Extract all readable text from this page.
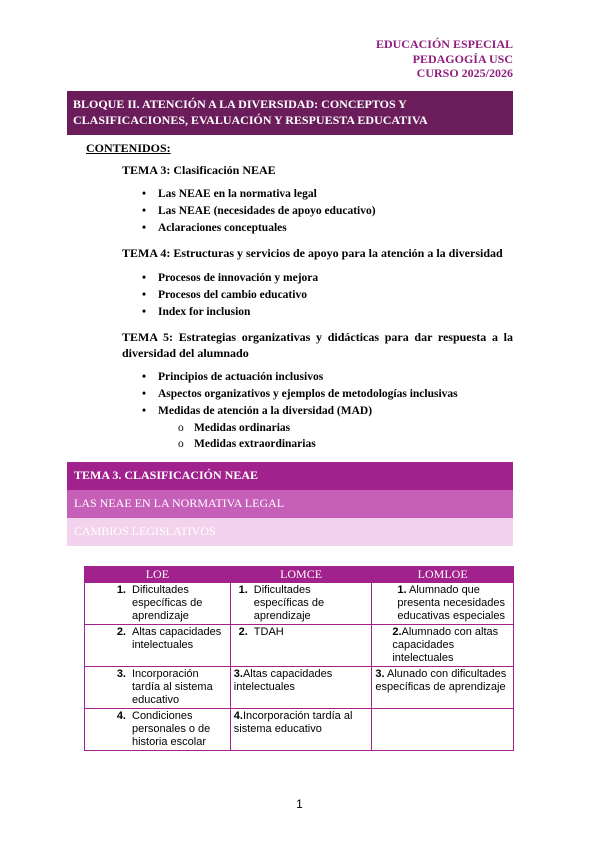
EDUCACIÓN ESPECIAL
PEDAGOGÍA USC
CURSO 2025/2026
BLOQUE II. ATENCIÓN A LA DIVERSIDAD: CONCEPTOS Y CLASIFICACIONES, EVALUACIÓN Y RESPUESTA EDUCATIVA
CONTENIDOS:
TEMA 3: Clasificación NEAE
• Las NEAE en la normativa legal
• Las NEAE (necesidades de apoyo educativo)
• Aclaraciones conceptuales
TEMA 4: Estructuras y servicios de apoyo para la atención a la diversidad
• Procesos de innovación y mejora
• Procesos del cambio educativo
• Index for inclusion
TEMA 5: Estrategias organizativas y didácticas para dar respuesta a la diversidad del alumnado
• Principios de actuación inclusivos
• Aspectos organizativos y ejemplos de metodologías inclusivas
• Medidas de atención a la diversidad (MAD)
o Medidas ordinarias
o Medidas extraordinarias
TEMA 3. CLASIFICACIÓN NEAE
LAS NEAE EN LA NORMATIVA LEGAL
CAMBIOS LEGISLATIVOS
LOE	LOMCE	LOMLOE

1. Dificultades específicas de aprendizaje	1. Dificultades específicas de aprendizaje	1. Alumnado que presenta necesidades educativas especiales

2. Altas capacidades intelectuales	2. TDAH	2.Alumnado con altas capacidades intelectuales

3. Incorporación tardía al sistema educativo	3.Altas capacidades intelectuales	3. Alunado con dificultades específicas de aprendizaje

4. Condiciones personales o de historia escolar	4.Incorporación tardía al sistema educativo	

1
